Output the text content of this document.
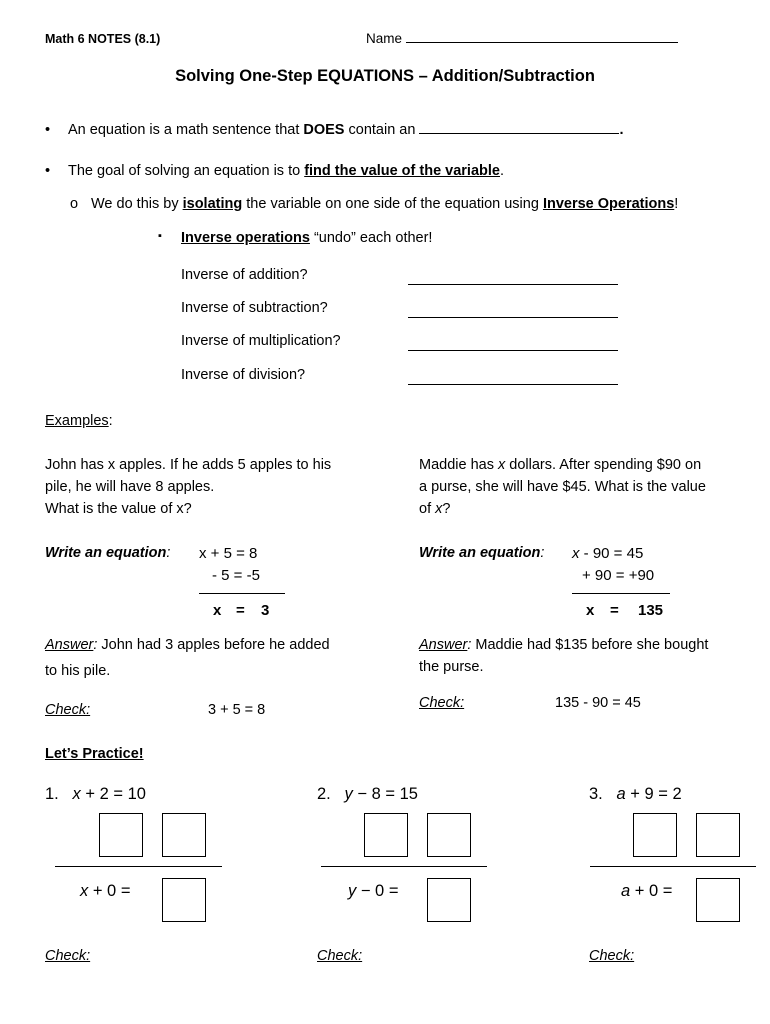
Math 6 NOTES (8.1)	Name
Solving One-Step EQUATIONS – Addition/Subtraction
• An equation is a math sentence that DOES contain an	.
• The goal of solving an equation is to find the value of the variable.
o We do this by isolating the variable on one side of the equation using Inverse Operations!
▪ Inverse operations “undo” each other!
Inverse of addition?
Inverse of subtraction?
Inverse of multiplication?
Inverse of division?
Examples:
John has x apples. If he adds 5 apples to his
pile, he will have 8 apples.
What is the value of x?
Write an equation: x + 5 = 8
- 5 = -5
x = 3
Answer: John had 3 apples before he added
to his pile.
Check:	3 + 5 = 8
Maddie has x dollars. After spending $90 on
a purse, she will have $45. What is the value
of x?
Write an equation: x - 90 = 45
+ 90 = +90
x = 135
Answer: Maddie had $135 before she bought
the purse.
Check:	135 - 90 = 45
Let’s Practice!
1. x + 2 = 10
x + 0 =
Check:
2. y − 8 = 15
y − 0 =
Check:
3. a + 9 = 2
a + 0 =
Check:
